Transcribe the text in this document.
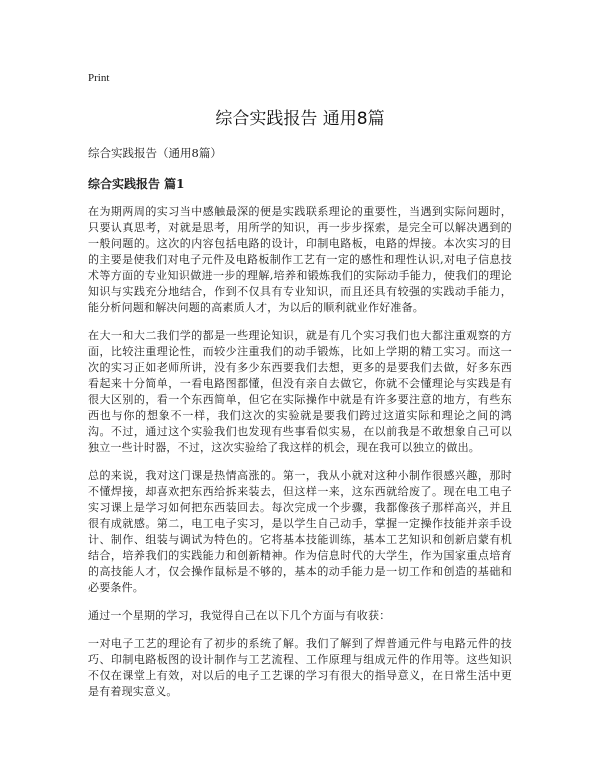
Print
综合实践报告 通用8篇
综合实践报告（通用8篇）
综合实践报告 篇1

在为期两周的实习当中感触最深的便是实践联系理论的重要性，当遇到实际问题时，只要认真思考，对就是思考，用所学的知识，再一步步探索，是完全可以解决遇到的一般问题的。这次的内容包括电路的设计，印制电路板，电路的焊接。本次实习的目的主要是使我们对电子元件及电路板制作工艺有一定的感性和理性认识,对电子信息技术等方面的专业知识做进一步的理解,培养和锻炼我们的实际动手能力，使我们的理论知识与实践充分地结合，作到不仅具有专业知识，而且还具有较强的实践动手能力，能分析问题和解决问题的高素质人才，为以后的顺利就业作好准备。

在大一和大二我们学的都是一些理论知识，就是有几个实习我们也大都注重观察的方面，比较注重理论性，而较少注重我们的动手锻炼，比如上学期的精工实习。而这一次的实习正如老师所讲，没有多少东西要我们去想，更多的是要我们去做，好多东西看起来十分简单，一看电路图都懂，但没有亲自去做它，你就不会懂理论与实践是有很大区别的，看一个东西简单，但它在实际操作中就是有许多要注意的地方，有些东西也与你的想象不一样，我们这次的实验就是要我们跨过这道实际和理论之间的鸿沟。不过，通过这个实验我们也发现有些事看似实易，在以前我是不敢想象自己可以独立一些计时器，不过，这次实验给了我这样的机会，现在我可以独立的做出。

总的来说，我对这门课是热情高涨的。第一，我从小就对这种小制作很感兴趣，那时不懂焊接，却喜欢把东西给拆来装去，但这样一来，这东西就给废了。现在电工电子实习课上是学习如何把东西装回去。每次完成一个步骤，我都像孩子那样高兴，并且很有成就感。第二，电工电子实习，是以学生自己动手，掌握一定操作技能并亲手设计、制作、组装与调试为特色的。它将基本技能训练，基本工艺知识和创新启蒙有机结合，培养我们的实践能力和创新精神。作为信息时代的大学生，作为国家重点培育的高技能人才，仅会操作鼠标是不够的，基本的动手能力是一切工作和创造的基础和必要条件。

通过一个星期的学习，我觉得自己在以下几个方面与有收获：

一对电子工艺的理论有了初步的系统了解。我们了解到了焊普通元件与电路元件的技巧、印制电路板图的设计制作与工艺流程、工作原理与组成元件的作用等。这些知识不仅在课堂上有效，对以后的电子工艺课的学习有很大的指导意义，在日常生活中更是有着现实意义。
